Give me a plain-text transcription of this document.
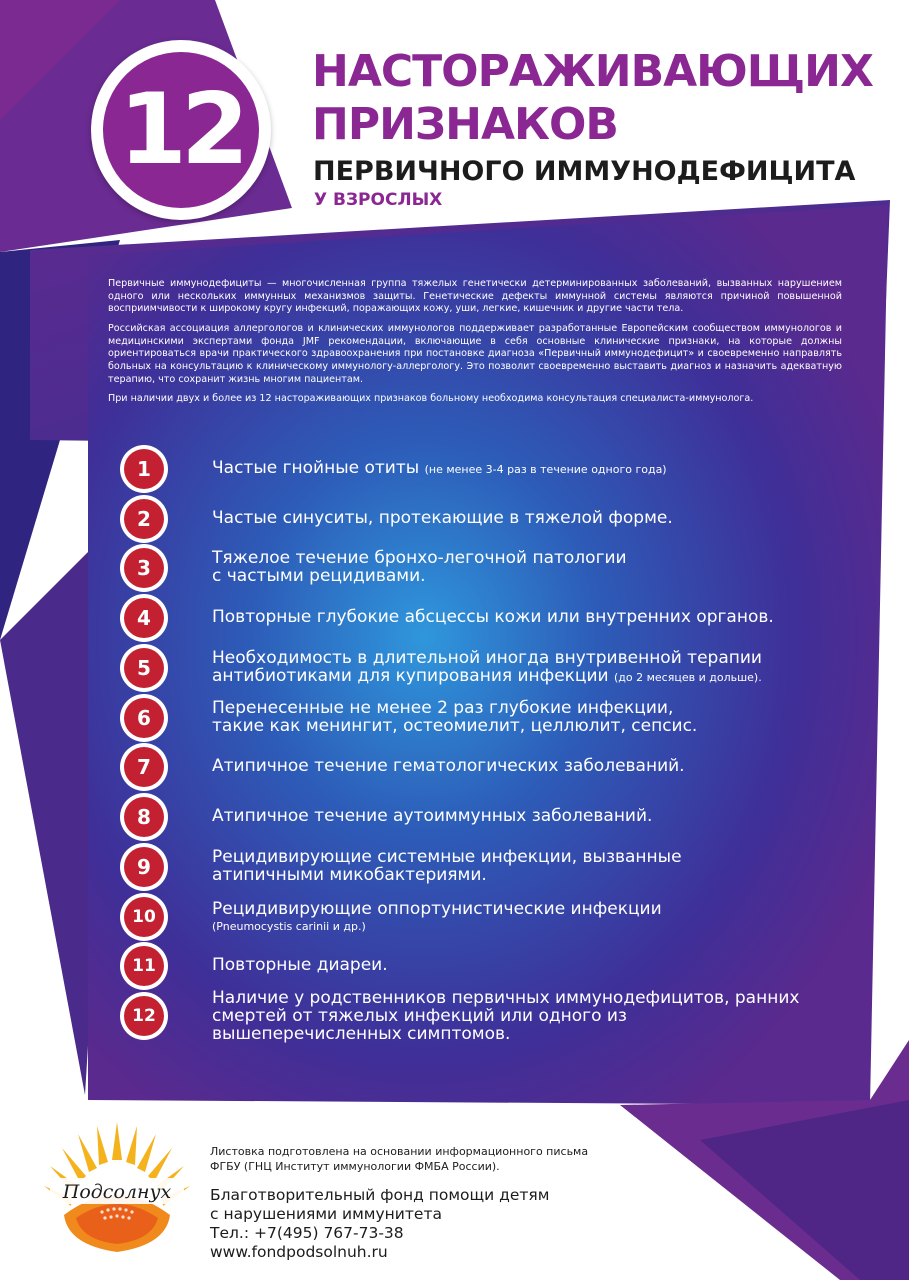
12
НАСТОРАЖИВАЮЩИХ
ПРИЗНАКОВ
ПЕРВИЧНОГО ИММУНОДЕФИЦИТА
У ВЗРОСЛЫХ

Первичные иммунодефициты — многочисленная группа тяжелых генетически детерминированных заболеваний, вызванных нарушением одного или нескольких иммунных механизмов защиты. Генетические дефекты иммунной системы являются причиной повышенной восприимчивости к широкому кругу инфекций, поражающих кожу, уши, легкие, кишечник и другие части тела.

Российская ассоциация аллергологов и клинических иммунологов поддерживает разработанные Европейским сообществом иммунологов и медицинскими экспертами фонда JMF рекомендации, включающие в себя основные клинические признаки, на которые должны ориентироваться врачи практического здравоохранения при постановке диагноза «Первичный иммунодефицит» и своевременно направлять больных на консультацию к клиническому иммунологу-аллергологу. Это позволит своевременно выставить диагноз и назначить адекватную терапию, что сохранит жизнь многим пациентам.

При наличии двух и более из 12 настораживающих признаков больному необходима консультация специалиста-иммунолога.

1	Частые гнойные отиты (не менее 3-4 раз в течение одного года)
2	Частые синуситы, протекающие в тяжелой форме.
3	Тяжелое течение бронхо-легочной патологии
с частыми рецидивами.
4	Повторные глубокие абсцессы кожи или внутренних органов.
5	Необходимость в длительной иногда внутривенной терапии
антибиотиками для купирования инфекции (до 2 месяцев и дольше).
6	Перенесенные не менее 2 раз глубокие инфекции,
такие как менингит, остеомиелит, целлюлит, сепсис.
7	Атипичное течение гематологических заболеваний.
8	Атипичное течение аутоиммунных заболеваний.
9	Рецидивирующие системные инфекции, вызванные
атипичными микобактериями.
10	Рецидивирующие оппортунистические инфекции
(Pneumocystis carinii и др.)
11	Повторные диареи.
12
Наличие у родственников первичных иммунодефицитов, ранних
смертей от тяжелых инфекций или одного из
вышеперечисленных симптомов.
Подсолнух
Листовка подготовлена на основании информационного письма
ФГБУ (ГНЦ Институт иммунологии ФМБА России).
Благотворительный фонд помощи детям
с нарушениями иммунитета
Тел.: +7(495) 767-73-38
www.fondpodsolnuh.ru
